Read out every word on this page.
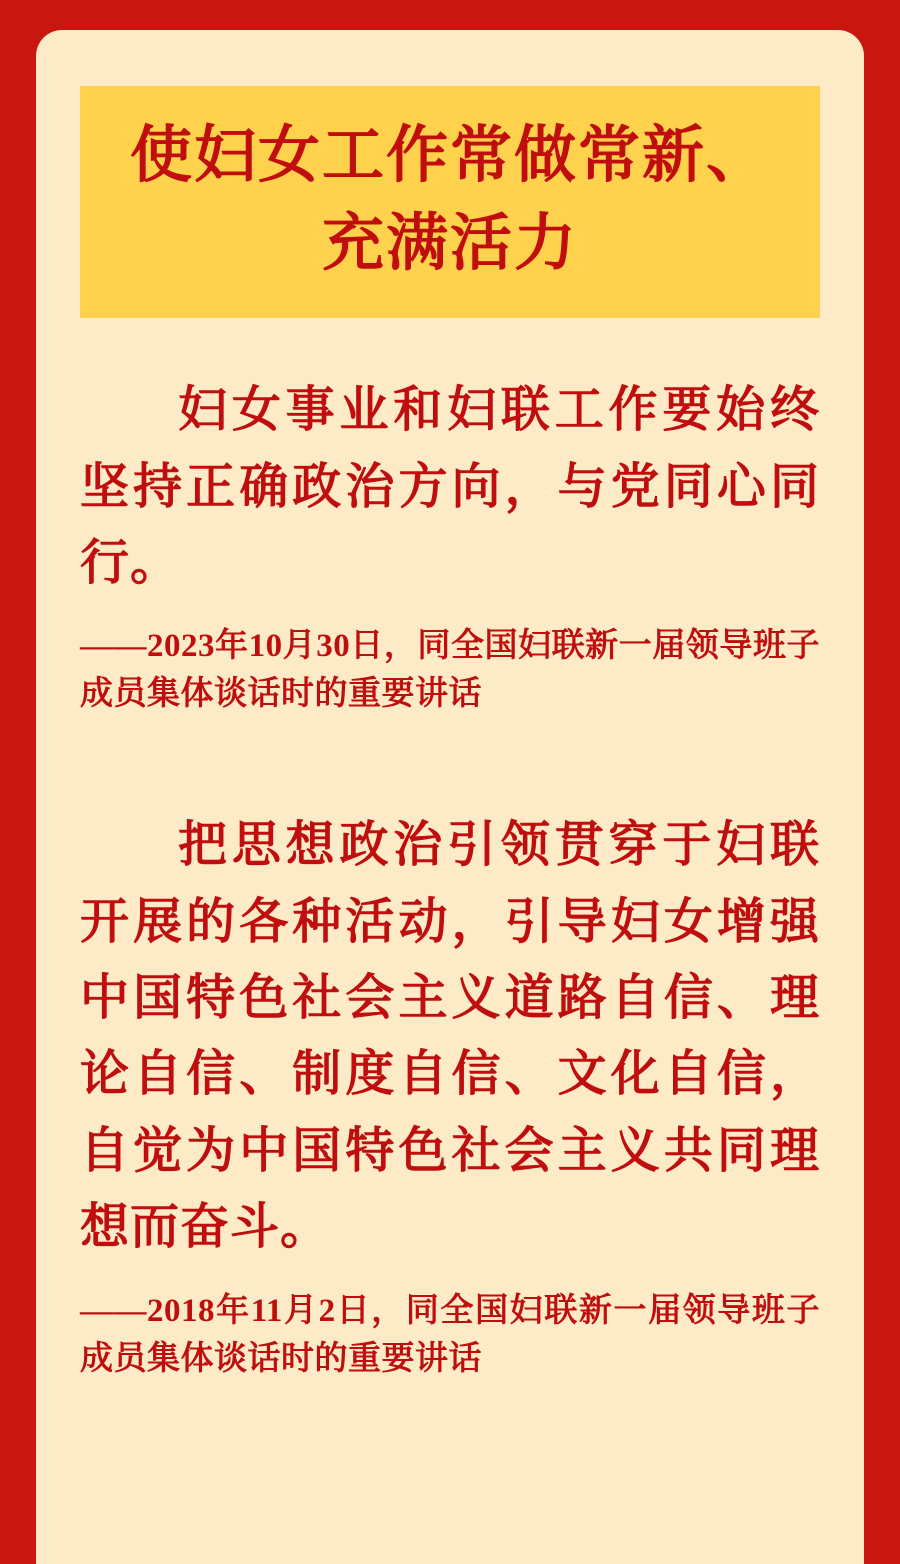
使妇女工作常做常新、
充满活力
妇女事业和妇联工作要始终坚持正确政治方向，与党同心同行。
——2023年10月30日，同全国妇联新一届领导班子成员集体谈话时的重要讲话
把思想政治引领贯穿于妇联开展的各种活动，引导妇女增强中国特色社会主义道路自信、理论自信、制度自信、文化自信，自觉为中国特色社会主义共同理想而奋斗。
——2018年11月2日，同全国妇联新一届领导班子成员集体谈话时的重要讲话
